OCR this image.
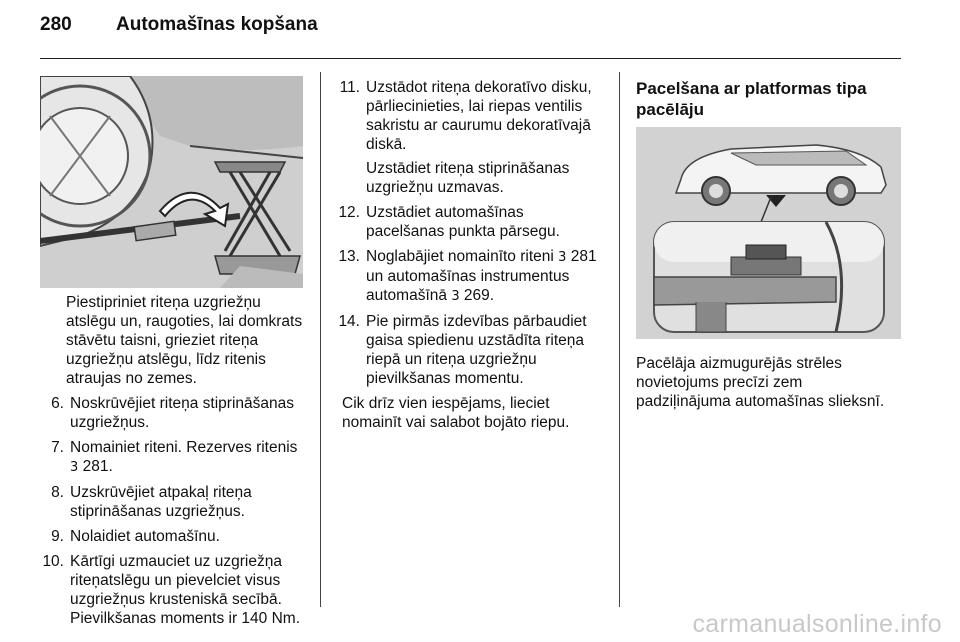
280 Automašīnas kopšana
Piestipriniet riteņa uzgriežņu atslēgu un, raugoties, lai domkrats stāvētu taisni, grieziet riteņa uzgriežņu atslēgu, līdz ritenis atraujas no zemes.
6. Noskrūvējiet riteņa stiprināšanas uzgriežņus.
7. Nomainiet riteni. Rezerves ritenis 3 281.
8. Uzskrūvējiet atpakaļ riteņa stiprināšanas uzgriežņus.
9. Nolaidiet automašīnu.
10. Kārtīgi uzmauciet uz uzgriežņa riteņatslēgu un pievelciet visus uzgriežņus krusteniskā secībā. Pievilkšanas moments ir 140 Nm.
11. Uzstādot riteņa dekoratīvo disku, pārliecinieties, lai riepas ventilis sakristu ar caurumu dekoratīvajā diskā.
Uzstādiet riteņa stiprināšanas uzgriežņu uzmavas.
12. Uzstādiet automašīnas pacelšanas punkta pārsegu.
13. Noglabājiet nomainīto riteni 3 281 un automašīnas instrumentus automašīnā 3 269.
14. Pie pirmās izdevības pārbaudiet gaisa spiedienu uzstādīta riteņa riepā un riteņa uzgriežņu pievilkšanas momentu.
Cik drīz vien iespējams, lieciet nomainīt vai salabot bojāto riepu.
Pacelšana ar platformas tipa pacēlāju
Pacēlāja aizmugurējās strēles novietojums precīzi zem padziļinājuma automašīnas slieksnī.
carmanualsonline.info
